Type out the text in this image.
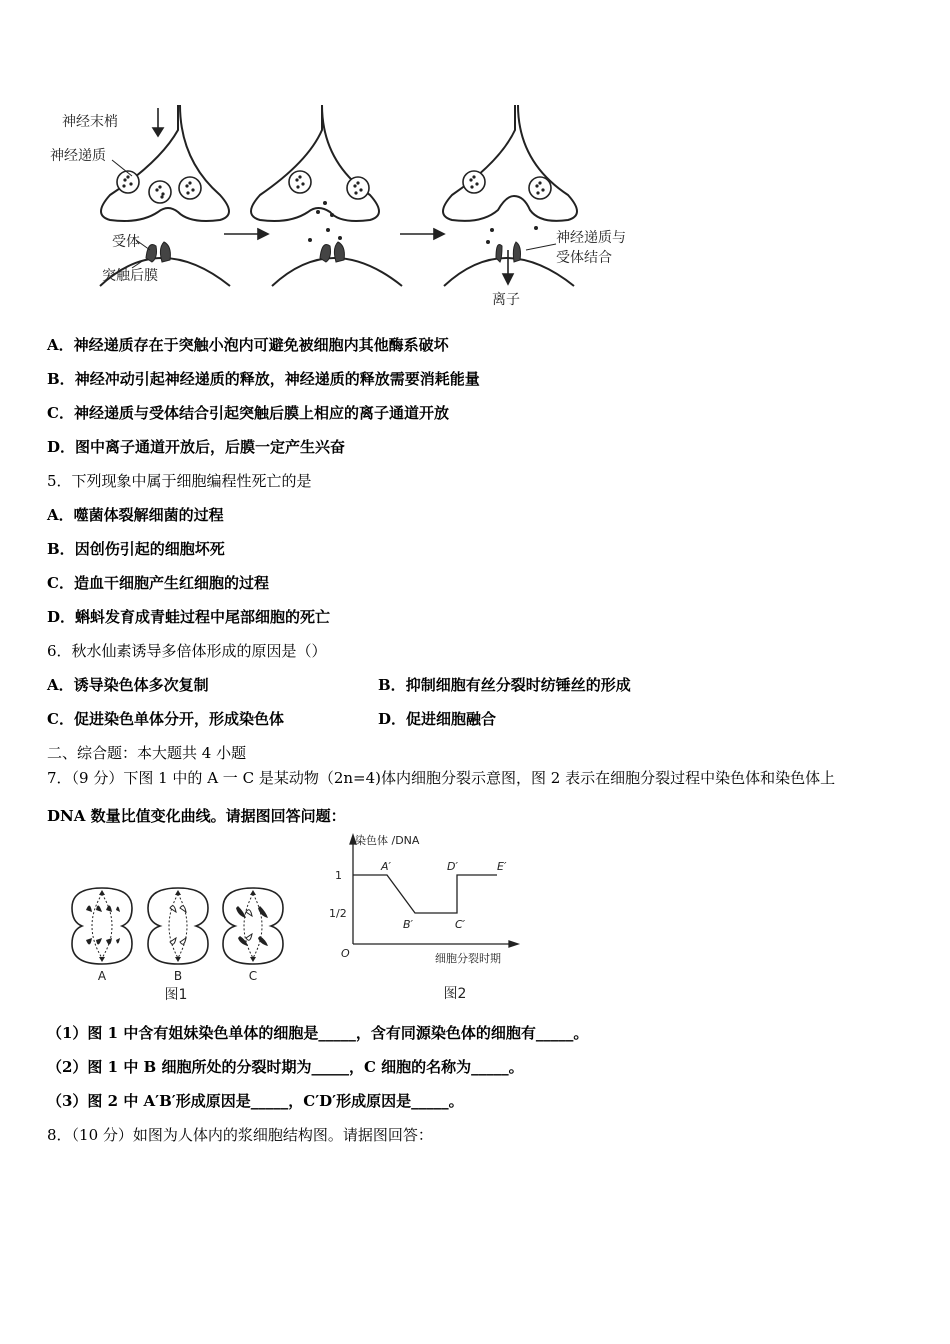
神经末梢
神经递质
受体
突触后膜
神经递质与
受体结合
离子
A．神经递质存在于突触小泡内可避免被细胞内其他酶系破坏
B．神经冲动引起神经递质的释放，神经递质的释放需要消耗能量
C．神经递质与受体结合引起突触后膜上相应的离子通道开放
D．图中离子通道开放后，后膜一定产生兴奋
5．下列现象中属于细胞编程性死亡的是
A．噬菌体裂解细菌的过程
B．因创伤引起的细胞坏死
C．造血干细胞产生红细胞的过程
D．蝌蚪发育成青蛙过程中尾部细胞的死亡
6．秋水仙素诱导多倍体形成的原因是（）
A．诱导染色体多次复制	B．抑制细胞有丝分裂时纺锤丝的形成
C．促进染色单体分开，形成染色体	D．促进细胞融合
二、综合题：本大题共 4 小题
7．（9 分）下图 1 中的 A 一 C 是某动物（2n=4)体内细胞分裂示意图，图 2 表示在细胞分裂过程中染色体和染色体上
DNA 数量比值变化曲线。请据图回答问题：
A	B	C
图1
染色体 /DNA
1
1/2
O
A′
B′	C′
D′	E′
细胞分裂时期
图2
（1）图 1 中含有姐妹染色单体的细胞是_____，含有同源染色体的细胞有_____。
（2）图 1 中 B 细胞所处的分裂时期为_____，C 细胞的名称为_____。
（3）图 2 中 A′B′形成原因是_____，C′D′形成原因是_____。
8．（10 分）如图为人体内的浆细胞结构图。请据图回答：
